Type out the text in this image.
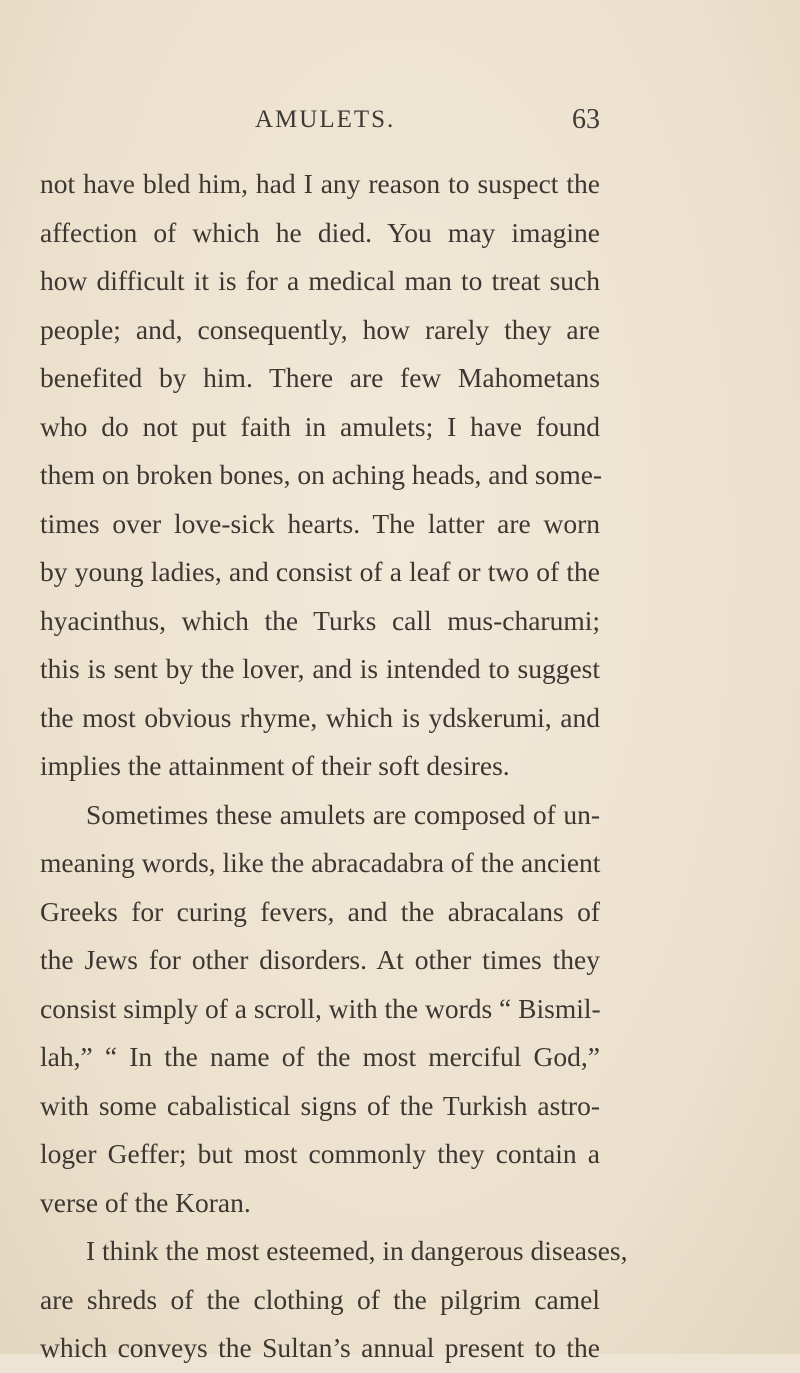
AMULETS.	63
not have bled him, had I any reason to suspect the
affection of which he died. You may imagine
how difficult it is for a medical man to treat such
people; and, consequently, how rarely they are
benefited by him. There are few Mahometans
who do not put faith in amulets; I have found
them on broken bones, on aching heads, and some-
times over love-sick hearts. The latter are worn
by young ladies, and consist of a leaf or two of the
hyacinthus, which the Turks call mus-charumi;
this is sent by the lover, and is intended to suggest
the most obvious rhyme, which is ydskerumi, and
implies the attainment of their soft desires.
Sometimes these amulets are composed of un-
meaning words, like the abracadabra of the ancient
Greeks for curing fevers, and the abracalans of
the Jews for other disorders. At other times they
consist simply of a scroll, with the words “ Bismil-
lah,” “ In the name of the most merciful God,”
with some cabalistical signs of the Turkish astro-
loger Geffer; but most commonly they contain a
verse of the Koran.
I think the most esteemed, in dangerous diseases,
are shreds of the clothing of the pilgrim camel
which conveys the Sultan’s annual present to the
